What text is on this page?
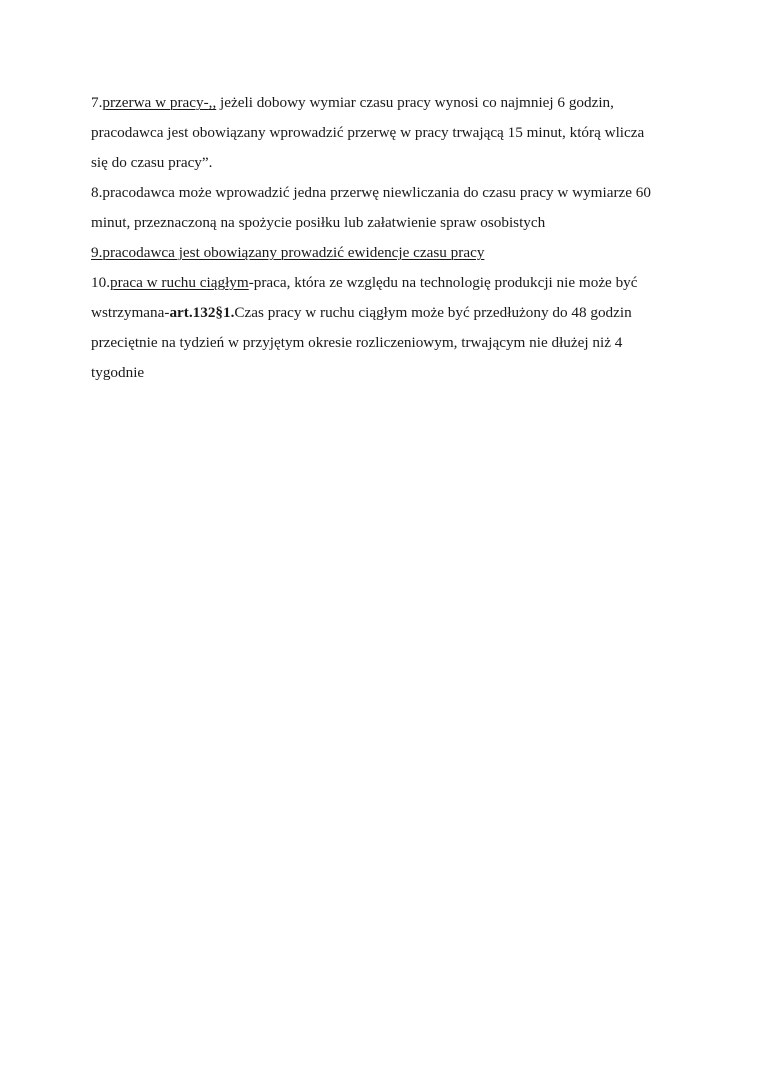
7.przerwa w pracy-,, jeżeli dobowy wymiar czasu pracy wynosi co najmniej 6 godzin, pracodawca jest obowiązany wprowadzić przerwę w pracy trwającą 15 minut, którą wlicza się do czasu pracy”.

8.pracodawca może wprowadzić jedna przerwę niewliczania do czasu pracy w wymiarze 60 minut, przeznaczoną na spożycie posiłku lub załatwienie spraw osobistych

9.pracodawca jest obowiązany prowadzić ewidencje czasu pracy

10.praca w ruchu ciągłym-praca, która ze względu na technologię produkcji nie może być wstrzymana-art.132§1.Czas pracy w ruchu ciągłym może być przedłużony do 48 godzin przeciętnie na tydzień w przyjętym okresie rozliczeniowym, trwającym nie dłużej niż 4 tygodnie
